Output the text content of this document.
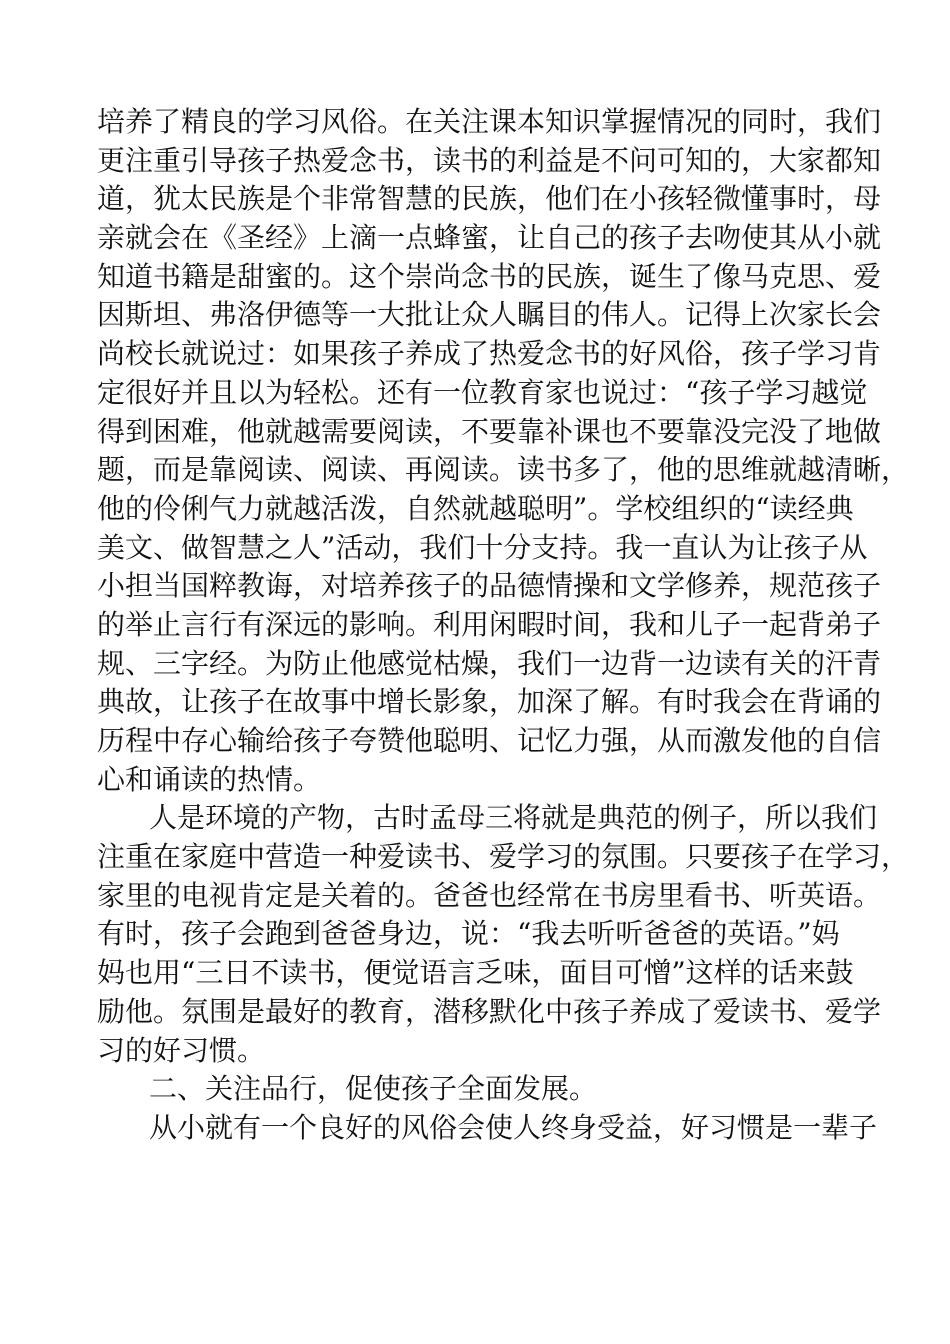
培养了精良的学习风俗。在关注课本知识掌握情况的同时，我们
更注重引导孩子热爱念书，读书的利益是不问可知的，大家都知
道，犹太民族是个非常智慧的民族，他们在小孩轻微懂事时，母
亲就会在《圣经》上滴一点蜂蜜，让自己的孩子去吻使其从小就
知道书籍是甜蜜的。这个崇尚念书的民族，诞生了像马克思、爱
因斯坦、弗洛伊德等一大批让众人瞩目的伟人。记得上次家长会
尚校长就说过：如果孩子养成了热爱念书的好风俗，孩子学习肯
定很好并且以为轻松。还有一位教育家也说过：“孩子学习越觉
得到困难，他就越需要阅读，不要靠补课也不要靠没完没了地做
题，而是靠阅读、阅读、再阅读。读书多了，他的思维就越清晰，
他的伶俐气力就越活泼，自然就越聪明”。学校组织的“读经典
美文、做智慧之人”活动，我们十分支持。我一直认为让孩子从
小担当国粹教诲，对培养孩子的品德情操和文学修养，规范孩子
的举止言行有深远的影响。利用闲暇时间，我和儿子一起背弟子
规、三字经。为防止他感觉枯燥，我们一边背一边读有关的汗青
典故，让孩子在故事中增长影象，加深了解。有时我会在背诵的
历程中存心输给孩子夸赞他聪明、记忆力强，从而激发他的自信
心和诵读的热情。
人是环境的产物，古时孟母三将就是典范的例子，所以我们
注重在家庭中营造一种爱读书、爱学习的氛围。只要孩子在学习，
家里的电视肯定是关着的。爸爸也经常在书房里看书、听英语。
有时，孩子会跑到爸爸身边，说：“我去听听爸爸的英语。”妈
妈也用“三日不读书，便觉语言乏味，面目可憎”这样的话来鼓
励他。氛围是最好的教育，潜移默化中孩子养成了爱读书、爱学
习的好习惯。
二、关注品行，促使孩子全面发展。
从小就有一个良好的风俗会使人终身受益，好习惯是一辈子
